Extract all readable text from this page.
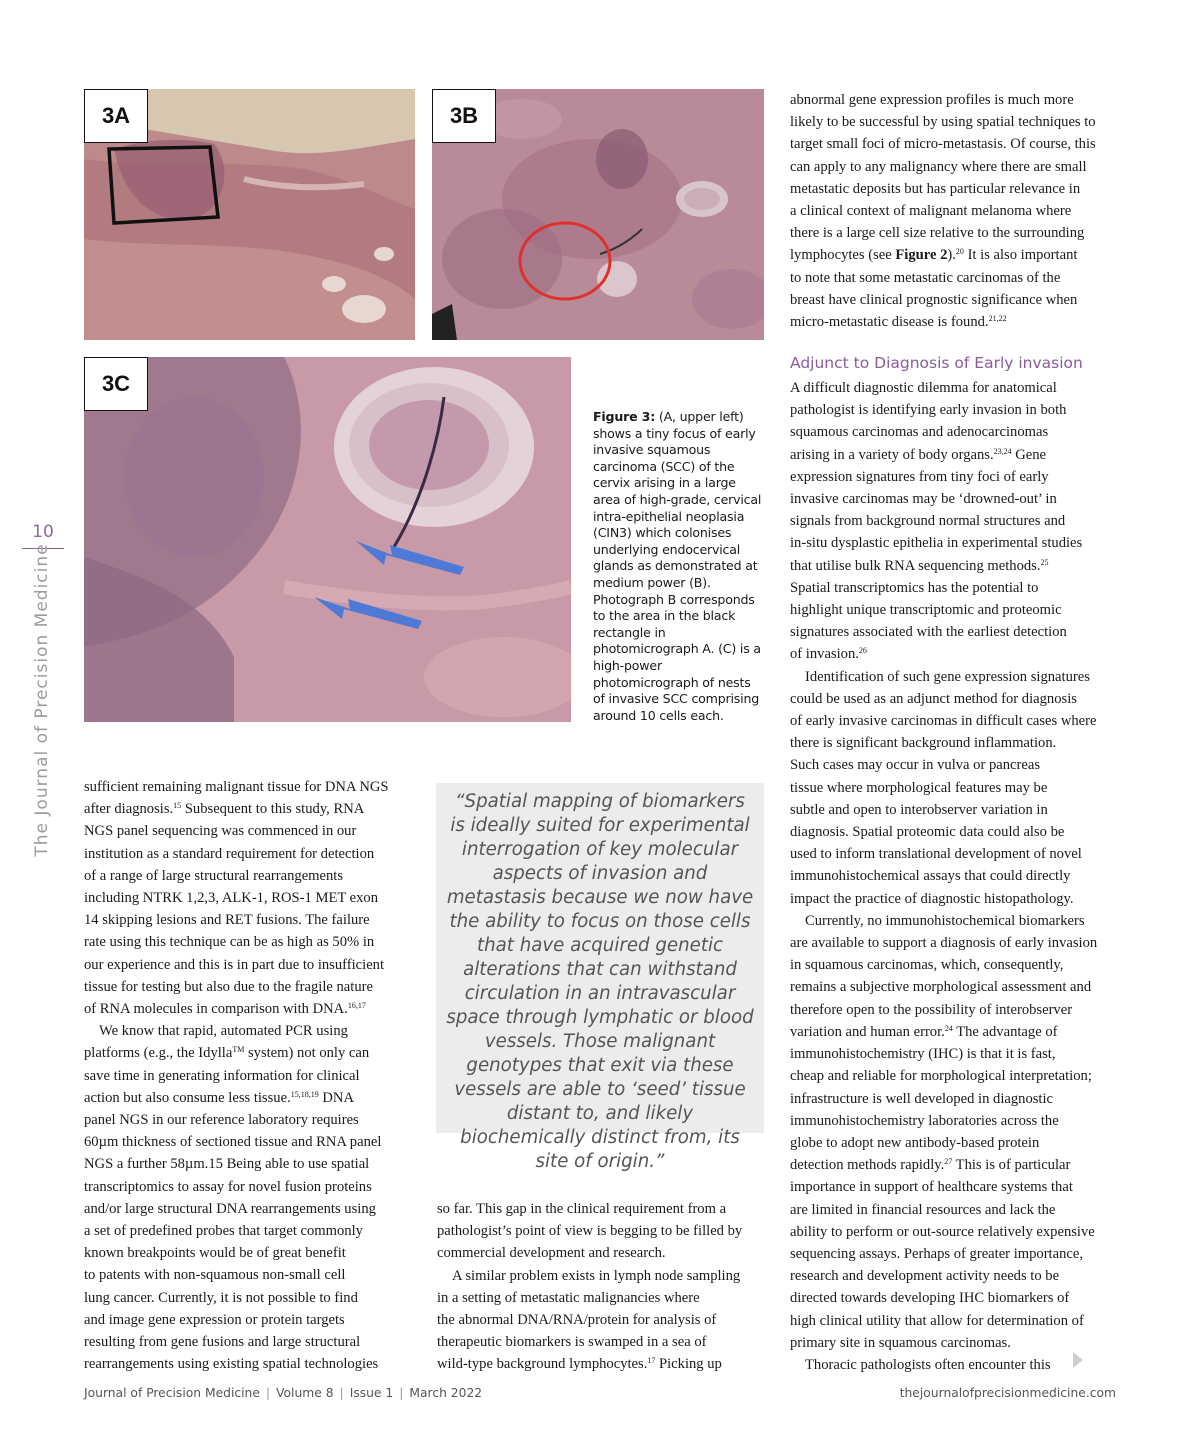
10
The Journal of Precision Medicine
3A	3B
3C
Figure 3: (A, upper left) shows a tiny focus of early invasive squamous carcinoma (SCC) of the cervix arising in a large area of high-grade, cervical intra-epithelial neoplasia (CIN3) which colonises underlying endocervical glands as demonstrated at medium power (B). Photograph B corresponds to the area in the black rectangle in photomicrograph A. (C) is a high-power photomicrograph of nests of invasive SCC comprising around 10 cells each.

abnormal gene expression profiles is much more

likely to be successful by using spatial techniques to

target small foci of micro-metastasis. Of course, this

can apply to any malignancy where there are small

metastatic deposits but has particular relevance in

a clinical context of malignant melanoma where

there is a large cell size relative to the surrounding

lymphocytes (see Figure 2).$^{20}$ It is also important

to note that some metastatic carcinomas of the

breast have clinical prognostic significance when

micro-metastatic disease is found.$^{21,22}$

Adjunct to Diagnosis of Early invasion

A difficult diagnostic dilemma for anatomical

pathologist is identifying early invasion in both

squamous carcinomas and adenocarcinomas

arising in a variety of body organs.$^{23,24}$ Gene

expression signatures from tiny foci of early

invasive carcinomas may be ‘drowned-out’ in

signals from background normal structures and

in-situ dysplastic epithelia in experimental studies

that utilise bulk RNA sequencing methods.$^{25}$

Spatial transcriptomics has the potential to

highlight unique transcriptomic and proteomic

signatures associated with the earliest detection

of invasion.$^{26}$

Identification of such gene expression signatures

could be used as an adjunct method for diagnosis

of early invasive carcinomas in difficult cases where

there is significant background inflammation.

Such cases may occur in vulva or pancreas

tissue where morphological features may be

subtle and open to interobserver variation in

diagnosis. Spatial proteomic data could also be

used to inform translational development of novel

immunohistochemical assays that could directly

impact the practice of diagnostic histopathology.

Currently, no immunohistochemical biomarkers

are available to support a diagnosis of early invasion

in squamous carcinomas, which, consequently,

remains a subjective morphological assessment and

therefore open to the possibility of interobserver

variation and human error.$^{24}$ The advantage of

immunohistochemistry (IHC) is that it is fast,

cheap and reliable for morphological interpretation;

infrastructure is well developed in diagnostic

immunohistochemistry laboratories across the

globe to adopt new antibody-based protein

detection methods rapidly.$^{27}$ This is of particular

importance in support of healthcare systems that

are limited in financial resources and lack the

ability to perform or out-source relatively expensive

sequencing assays. Perhaps of greater importance,

research and development activity needs to be

directed towards developing IHC biomarkers of

high clinical utility that allow for determination of

primary site in squamous carcinomas.

Thoracic pathologists often encounter this

sufficient remaining malignant tissue for DNA NGS

after diagnosis.$^{15}$ Subsequent to this study, RNA

NGS panel sequencing was commenced in our

institution as a standard requirement for detection

of a range of large structural rearrangements

including NTRK 1,2,3, ALK-1, ROS-1 MET exon

14 skipping lesions and RET fusions. The failure

rate using this technique can be as high as 50% in

our experience and this is in part due to insufficient

tissue for testing but also due to the fragile nature

of RNA molecules in comparison with DNA.$^{16,17}$

We know that rapid, automated PCR using

platforms (e.g., the Idylla™ system) not only can

save time in generating information for clinical

action but also consume less tissue.$^{15,18,19}$ DNA

panel NGS in our reference laboratory requires

60µm thickness of sectioned tissue and RNA panel

NGS a further 58µm.15 Being able to use spatial

transcriptomics to assay for novel fusion proteins

and/or large structural DNA rearrangements using

a set of predefined probes that target commonly

known breakpoints would be of great benefit

to patents with non-squamous non-small cell

lung cancer. Currently, it is not possible to find

and image gene expression or protein targets

resulting from gene fusions and large structural

rearrangements using existing spatial technologies

“Spatial mapping of biomarkers is ideally suited for experimental interrogation of key molecular aspects of invasion and metastasis because we now have the ability to focus on those cells that have acquired genetic alterations that can withstand circulation in an intravascular space through lymphatic or blood vessels. Those malignant genotypes that exit via these vessels are able to ‘seed’ tissue distant to, and likely biochemically distinct from, its site of origin.”

so far. This gap in the clinical requirement from a

pathologist’s point of view is begging to be filled by

commercial development and research.

A similar problem exists in lymph node sampling

in a setting of metastatic malignancies where

the abnormal DNA/RNA/protein for analysis of

therapeutic biomarkers is swamped in a sea of

wild-type background lymphocytes.$^{17}$ Picking up

Journal of Precision Medicine | Volume 8 | Issue 1 | March 2022	thejournalofprecisionmedicine.com
